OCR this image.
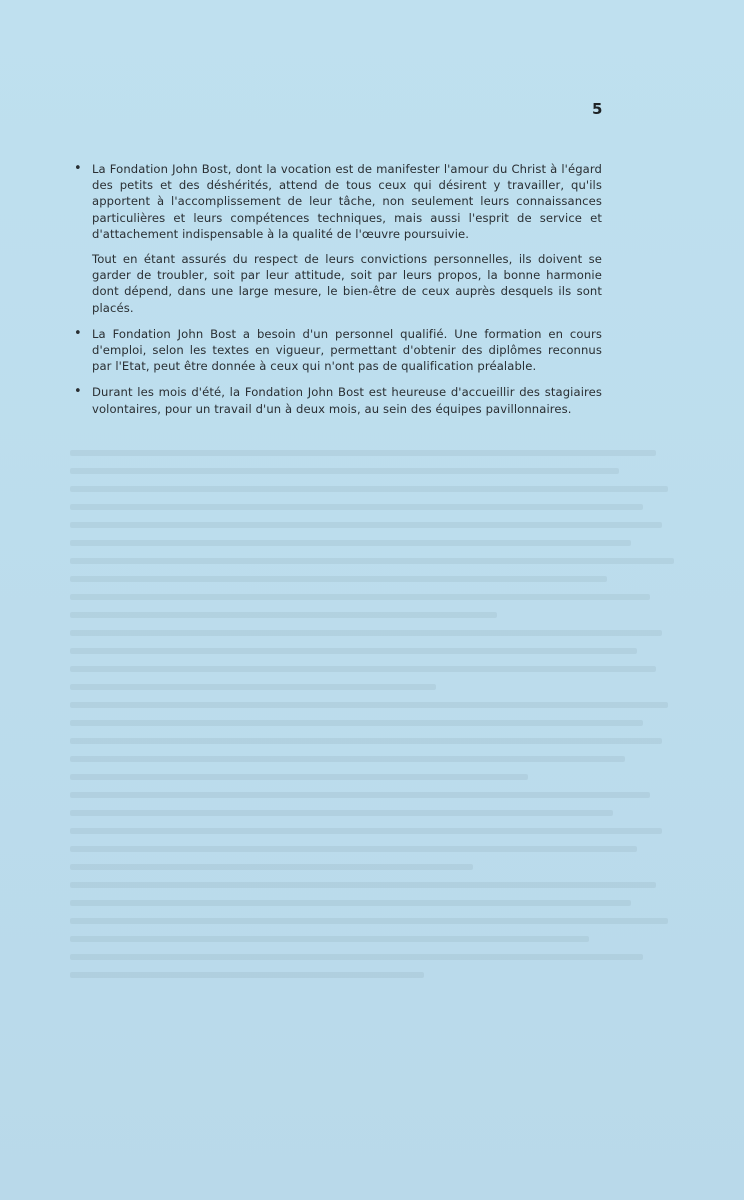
5
• La Fondation John Bost, dont la vocation est de manifester l'amour du Christ à l'égard des petits et des déshérités, attend de tous ceux qui désirent y travailler, qu'ils apportent à l'accomplissement de leur tâche, non seulement leurs connaissances particulières et leurs compétences techniques, mais aussi l'esprit de service et d'attachement indispensable à la qualité de l'œuvre poursuivie.

Tout en étant assurés du respect de leurs convictions personnelles, ils doivent se garder de troubler, soit par leur attitude, soit par leurs propos, la bonne harmonie dont dépend, dans une large mesure, le bien-être de ceux auprès desquels ils sont placés.

• La Fondation John Bost a besoin d'un personnel qualifié. Une formation en cours d'emploi, selon les textes en vigueur, permettant d'obtenir des diplômes reconnus par l'Etat, peut être donnée à ceux qui n'ont pas de qualification préalable.

• Durant les mois d'été, la Fondation John Bost est heureuse d'accueillir des stagiaires volontaires, pour un travail d'un à deux mois, au sein des équipes pavillonnaires.
